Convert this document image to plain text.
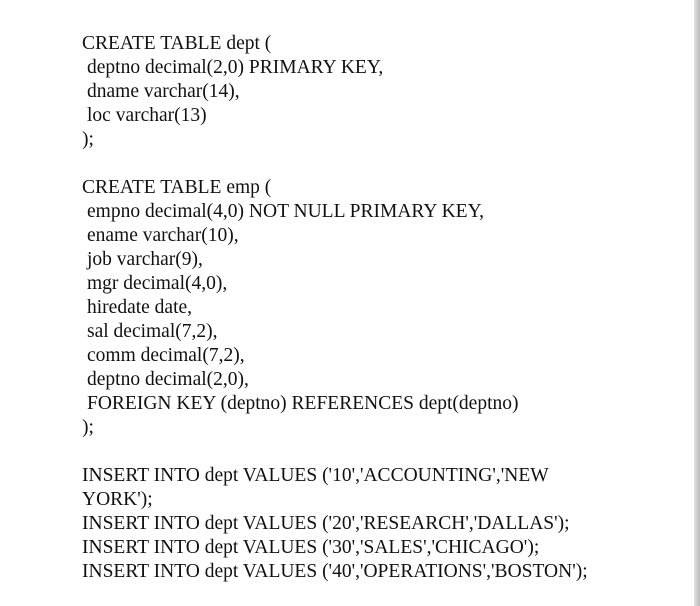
CREATE TABLE dept (
deptno decimal(2,0) PRIMARY KEY,
dname varchar(14),
loc varchar(13)
);
CREATE TABLE emp (
empno decimal(4,0) NOT NULL PRIMARY KEY,
ename varchar(10),
job varchar(9),
mgr decimal(4,0),
hiredate date,
sal decimal(7,2),
comm decimal(7,2),
deptno decimal(2,0),
FOREIGN KEY (deptno) REFERENCES dept(deptno)
);
INSERT INTO dept VALUES ('10','ACCOUNTING','NEW
YORK');
INSERT INTO dept VALUES ('20','RESEARCH','DALLAS');
INSERT INTO dept VALUES ('30','SALES','CHICAGO');
INSERT INTO dept VALUES ('40','OPERATIONS','BOSTON');
